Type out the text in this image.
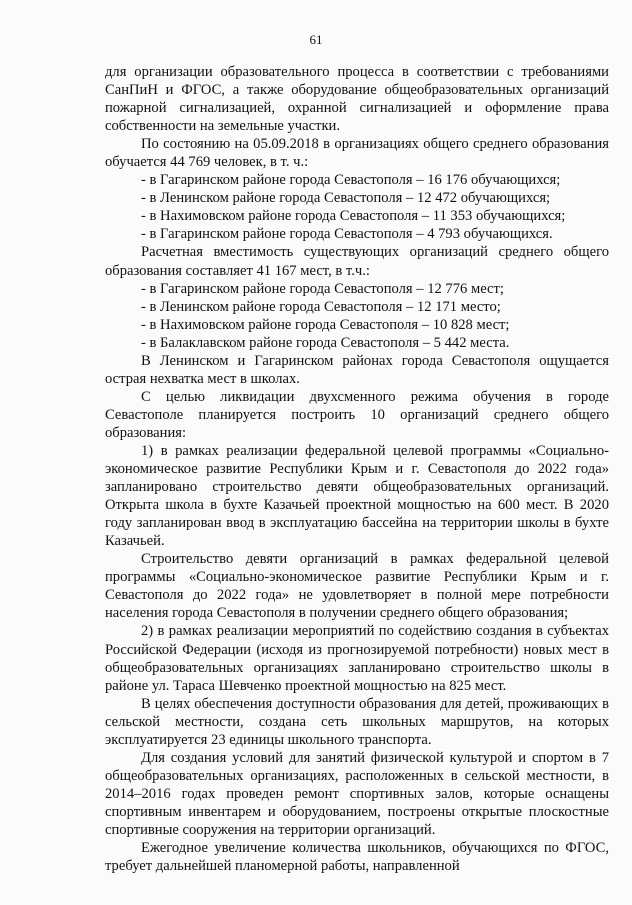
61

для организации образовательного процесса в соответствии с требованиями СанПиН и ФГОС, а также оборудование общеобразовательных организаций пожарной сигнализацией, охранной сигнализацией и оформление права собственности на земельные участки.

По состоянию на 05.09.2018 в организациях общего среднего образования обучается 44 769 человек, в т. ч.:

- в Гагаринском районе города Севастополя – 16 176 обучающихся;

- в Ленинском районе города Севастополя – 12 472 обучающихся;

- в Нахимовском районе города Севастополя – 11 353 обучающихся;

- в Гагаринском районе города Севастополя – 4 793 обучающихся.

Расчетная вместимость существующих организаций среднего общего образования составляет 41 167 мест, в т.ч.:

- в Гагаринском районе города Севастополя – 12 776 мест;

- в Ленинском районе города Севастополя – 12 171 место;

- в Нахимовском районе города Севастополя – 10 828 мест;

- в Балаклавском районе города Севастополя – 5 442 места.

В Ленинском и Гагаринском районах города Севастополя ощущается острая нехватка мест в школах.

С целью ликвидации двухсменного режима обучения в городе Севастополе планируется построить 10 организаций среднего общего образования:

1) в рамках реализации федеральной целевой программы «Социально-экономическое развитие Республики Крым и г. Севастополя до 2022 года» запланировано строительство девяти общеобразовательных организаций. Открыта школа в бухте Казачьей проектной мощностью на 600 мест. В 2020 году запланирован ввод в эксплуатацию бассейна на территории школы в бухте Казачьей.

Строительство девяти организаций в рамках федеральной целевой программы «Социально-экономическое развитие Республики Крым и г. Севастополя до 2022 года» не удовлетворяет в полной мере потребности населения города Севастополя в получении среднего общего образования;

2) в рамках реализации мероприятий по содействию создания в субъектах Российской Федерации (исходя из прогнозируемой потребности) новых мест в общеобразовательных организациях запланировано строительство школы в районе ул. Тараса Шевченко проектной мощностью на 825 мест.

В целях обеспечения доступности образования для детей, проживающих в сельской местности, создана сеть школьных маршрутов, на которых эксплуатируется 23 единицы школьного транспорта.

Для создания условий для занятий физической культурой и спортом в 7 общеобразовательных организациях, расположенных в сельской местности, в 2014–2016 годах проведен ремонт спортивных залов, которые оснащены спортивным инвентарем и оборудованием, построены открытые плоскостные спортивные сооружения на территории организаций.

Ежегодное увеличение количества школьников, обучающихся по ФГОС, требует дальнейшей планомерной работы, направленной
